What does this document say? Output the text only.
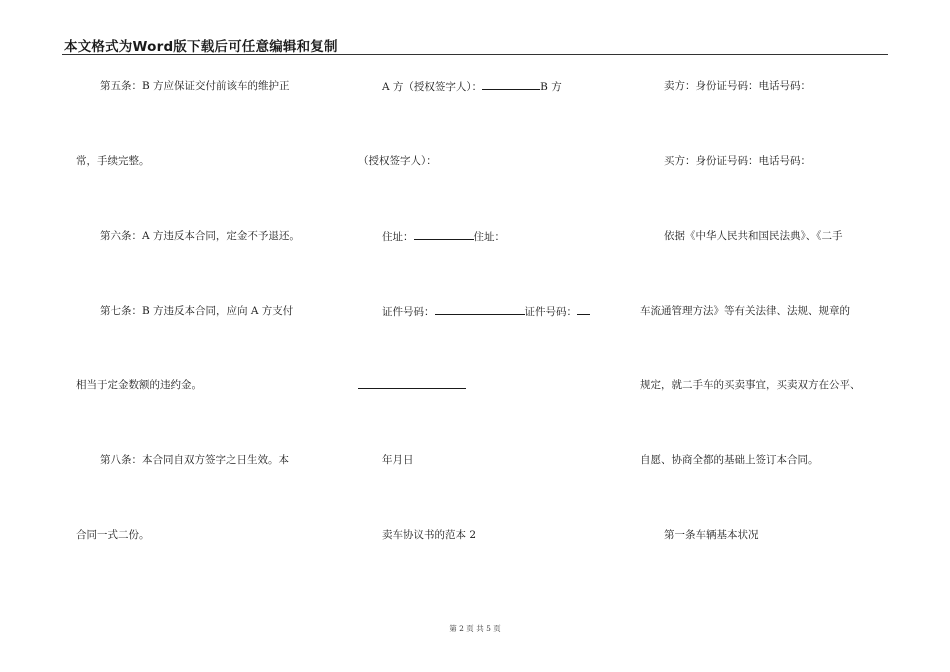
本文格式为Word版下载后可任意编辑和复制
第五条：B 方应保证交付前该车的维护正
常，手续完整。
第六条：A 方违反本合同，定金不予退还。
第七条：B 方违反本合同，应向 A 方支付
相当于定金数额的违约金。
第八条：本合同自双方签字之日生效。本
合同一式二份。
A 方（授权签字人）：	B 方
（授权签字人）：
住址：	住址：
证件号码：	证件号码：
年月日
卖车协议书的范本 2
卖方：身份证号码：电话号码：
买方：身份证号码：电话号码：
依据《中华人民共和国民法典》、《二手
车流通管理方法》等有关法律、法规、规章的
规定，就二手车的买卖事宜，买卖双方在公平、
自愿、协商全都的基础上签订本合同。
第一条车辆基本状况
第 2 页 共 5 页
